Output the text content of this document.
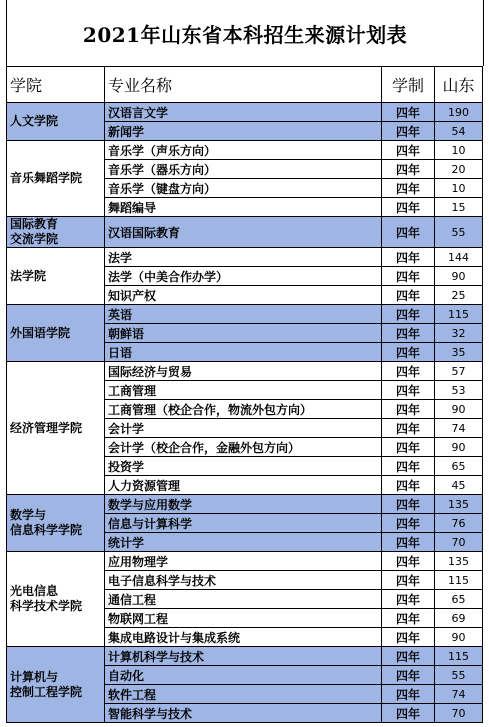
2021年山东省本科招生来源计划表
学院	专业名称	学制	山东

人文学院	汉语言文学	四年	190
	新闻学	四年	54

音乐舞蹈学院	音乐学（声乐方向）	四年	10
	音乐学（器乐方向）	四年	20
	音乐学（键盘方向）	四年	10
	舞蹈编导	四年	15

国际教育
交流学院	汉语国际教育	四年	55

法学院	法学	四年	144
	法学（中美合作办学）	四年	90
	知识产权	四年	25

外国语学院	英语	四年	115
	朝鲜语	四年	32
	日语	四年	35

经济管理学院	国际经济与贸易	四年	57
	工商管理	四年	53
	工商管理（校企合作，物流外包方向）	四年	90
	会计学	四年	74
	会计学（校企合作，金融外包方向）	四年	90
	投资学	四年	65
	人力资源管理	四年	45

数学与
信息科学学院	数学与应用数学	四年	135
	信息与计算科学	四年	76
	统计学	四年	70

光电信息
科学技术学院	应用物理学	四年	135
	电子信息科学与技术	四年	115
	通信工程	四年	65
	物联网工程	四年	69
	集成电路设计与集成系统	四年	90

计算机与
控制工程学院	计算机科学与技术	四年	115
	自动化	四年	55
	软件工程	四年	74
	智能科学与技术	四年	70
